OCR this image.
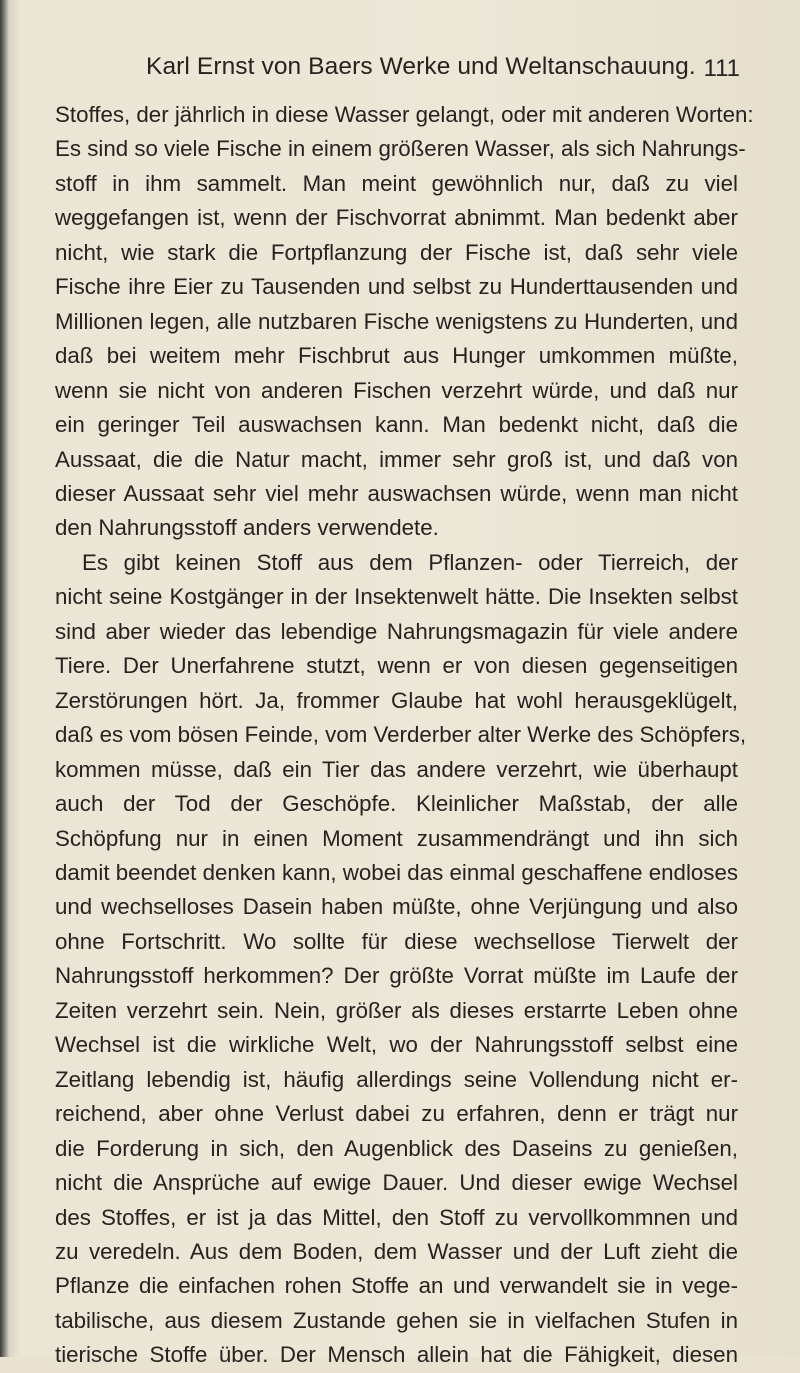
Karl Ernst von Baers Werke und Weltanschauung. 111
Stoffes, der jährlich in diese Wasser gelangt, oder mit anderen Worten:
Es sind so viele Fische in einem größeren Wasser, als sich Nahrungs-
stoff in ihm sammelt. Man meint gewöhnlich nur, daß zu viel
weggefangen ist, wenn der Fischvorrat abnimmt. Man bedenkt aber
nicht, wie stark die Fortpflanzung der Fische ist, daß sehr viele
Fische ihre Eier zu Tausenden und selbst zu Hunderttausenden und
Millionen legen, alle nutzbaren Fische wenigstens zu Hunderten, und
daß bei weitem mehr Fischbrut aus Hunger umkommen müßte,
wenn sie nicht von anderen Fischen verzehrt würde, und daß nur
ein geringer Teil auswachsen kann. Man bedenkt nicht, daß die
Aussaat, die die Natur macht, immer sehr groß ist, und daß von
dieser Aussaat sehr viel mehr auswachsen würde, wenn man nicht
den Nahrungsstoff anders verwendete.
Es gibt keinen Stoff aus dem Pflanzen- oder Tierreich, der
nicht seine Kostgänger in der Insektenwelt hätte. Die Insekten selbst
sind aber wieder das lebendige Nahrungsmagazin für viele andere
Tiere. Der Unerfahrene stutzt, wenn er von diesen gegenseitigen
Zerstörungen hört. Ja, frommer Glaube hat wohl herausgeklügelt,
daß es vom bösen Feinde, vom Verderber alter Werke des Schöpfers,
kommen müsse, daß ein Tier das andere verzehrt, wie überhaupt
auch der Tod der Geschöpfe. Kleinlicher Maßstab, der alle
Schöpfung nur in einen Moment zusammendrängt und ihn sich
damit beendet denken kann, wobei das einmal geschaffene endloses
und wechselloses Dasein haben müßte, ohne Verjüngung und also
ohne Fortschritt. Wo sollte für diese wechsellose Tierwelt der
Nahrungsstoff herkommen? Der größte Vorrat müßte im Laufe der
Zeiten verzehrt sein. Nein, größer als dieses erstarrte Leben ohne
Wechsel ist die wirkliche Welt, wo der Nahrungsstoff selbst eine
Zeitlang lebendig ist, häufig allerdings seine Vollendung nicht er-
reichend, aber ohne Verlust dabei zu erfahren, denn er trägt nur
die Forderung in sich, den Augenblick des Daseins zu genießen,
nicht die Ansprüche auf ewige Dauer. Und dieser ewige Wechsel
des Stoffes, er ist ja das Mittel, den Stoff zu vervollkommnen und
zu veredeln. Aus dem Boden, dem Wasser und der Luft zieht die
Pflanze die einfachen rohen Stoffe an und verwandelt sie in vege-
tabilische, aus diesem Zustande gehen sie in vielfachen Stufen in
tierische Stoffe über. Der Mensch allein hat die Fähigkeit, diesen
